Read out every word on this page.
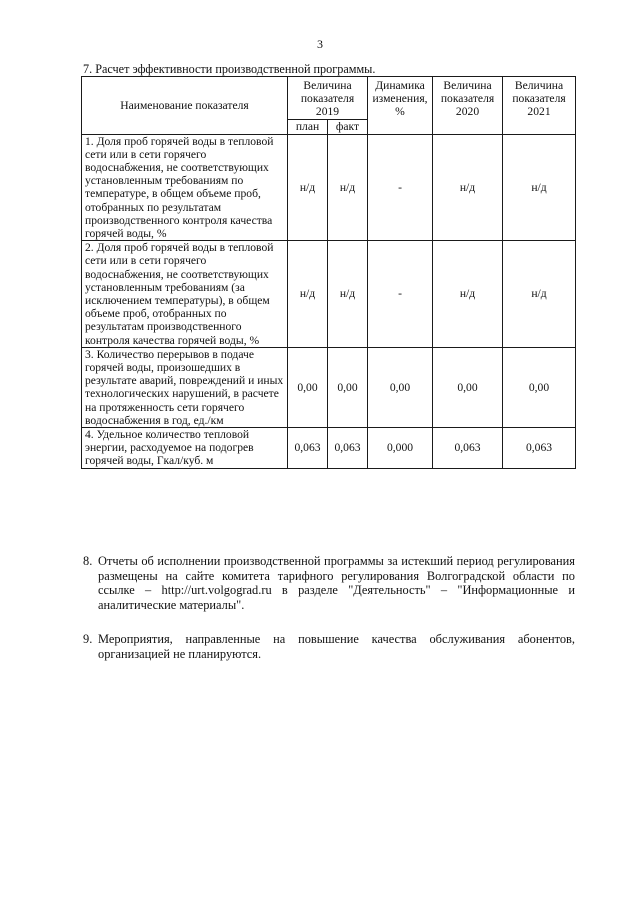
3
7. Расчет эффективности производственной программы.
Наименование показателя	Величина показателя 2019		Динамика изменения, %	Величина показателя 2020	Величина показателя 2021
	план	факт			
1. Доля проб горячей воды в тепловой сети или в сети горячего водоснабжения, не соответствующих установленным требованиям по температуре, в общем объеме проб, отобранных по результатам производственного контроля качества горячей воды, %	н/д	н/д	-	н/д	н/д
2. Доля проб горячей воды в тепловой сети или в сети горячего водоснабжения, не соответствующих установленным требованиям (за исключением температуры), в общем объеме проб, отобранных по результатам производственного контроля качества горячей воды, %	н/д	н/д	-	н/д	н/д
3. Количество перерывов в подаче горячей воды, произошедших в результате аварий, повреждений и иных технологических нарушений, в расчете на протяженность сети горячего водоснабжения в год, ед./км	0,00	0,00	0,00	0,00	0,00
4. Удельное количество тепловой энергии, расходуемое на подогрев горячей воды, Гкал/куб. м	0,063	0,063	0,000	0,063	0,063
8. Отчеты об исполнении производственной программы за истекший период регулирования размещены на сайте комитета тарифного регулирования Волгоградской области по ссылке – http://urt.volgograd.ru в разделе "Деятельность" – "Информационные и аналитические материалы".
9. Мероприятия, направленные на повышение качества обслуживания абонентов, организацией не планируются.
